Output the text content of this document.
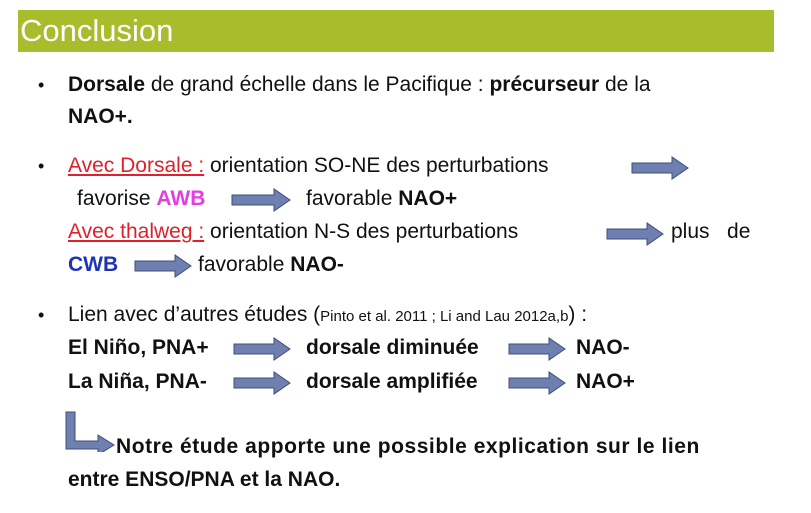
Conclusion
• Dorsale de grand échelle dans le Pacifique : précurseur de la
NAO+.
• Avec Dorsale : orientation SO-NE des perturbations
favorise AWB	favorable NAO+
Avec thalweg : orientation N-S des perturbations	plus   de
CWB	favorable NAO-
• Lien avec d’autres études (Pinto et al. 2011 ; Li and Lau 2012a,b) :
El Niño, PNA+	dorsale diminuée	NAO-
La Niña, PNA-	dorsale amplifiée	NAO+
Notre étude apporte une possible explication sur le lien
entre ENSO/PNA et la NAO.
